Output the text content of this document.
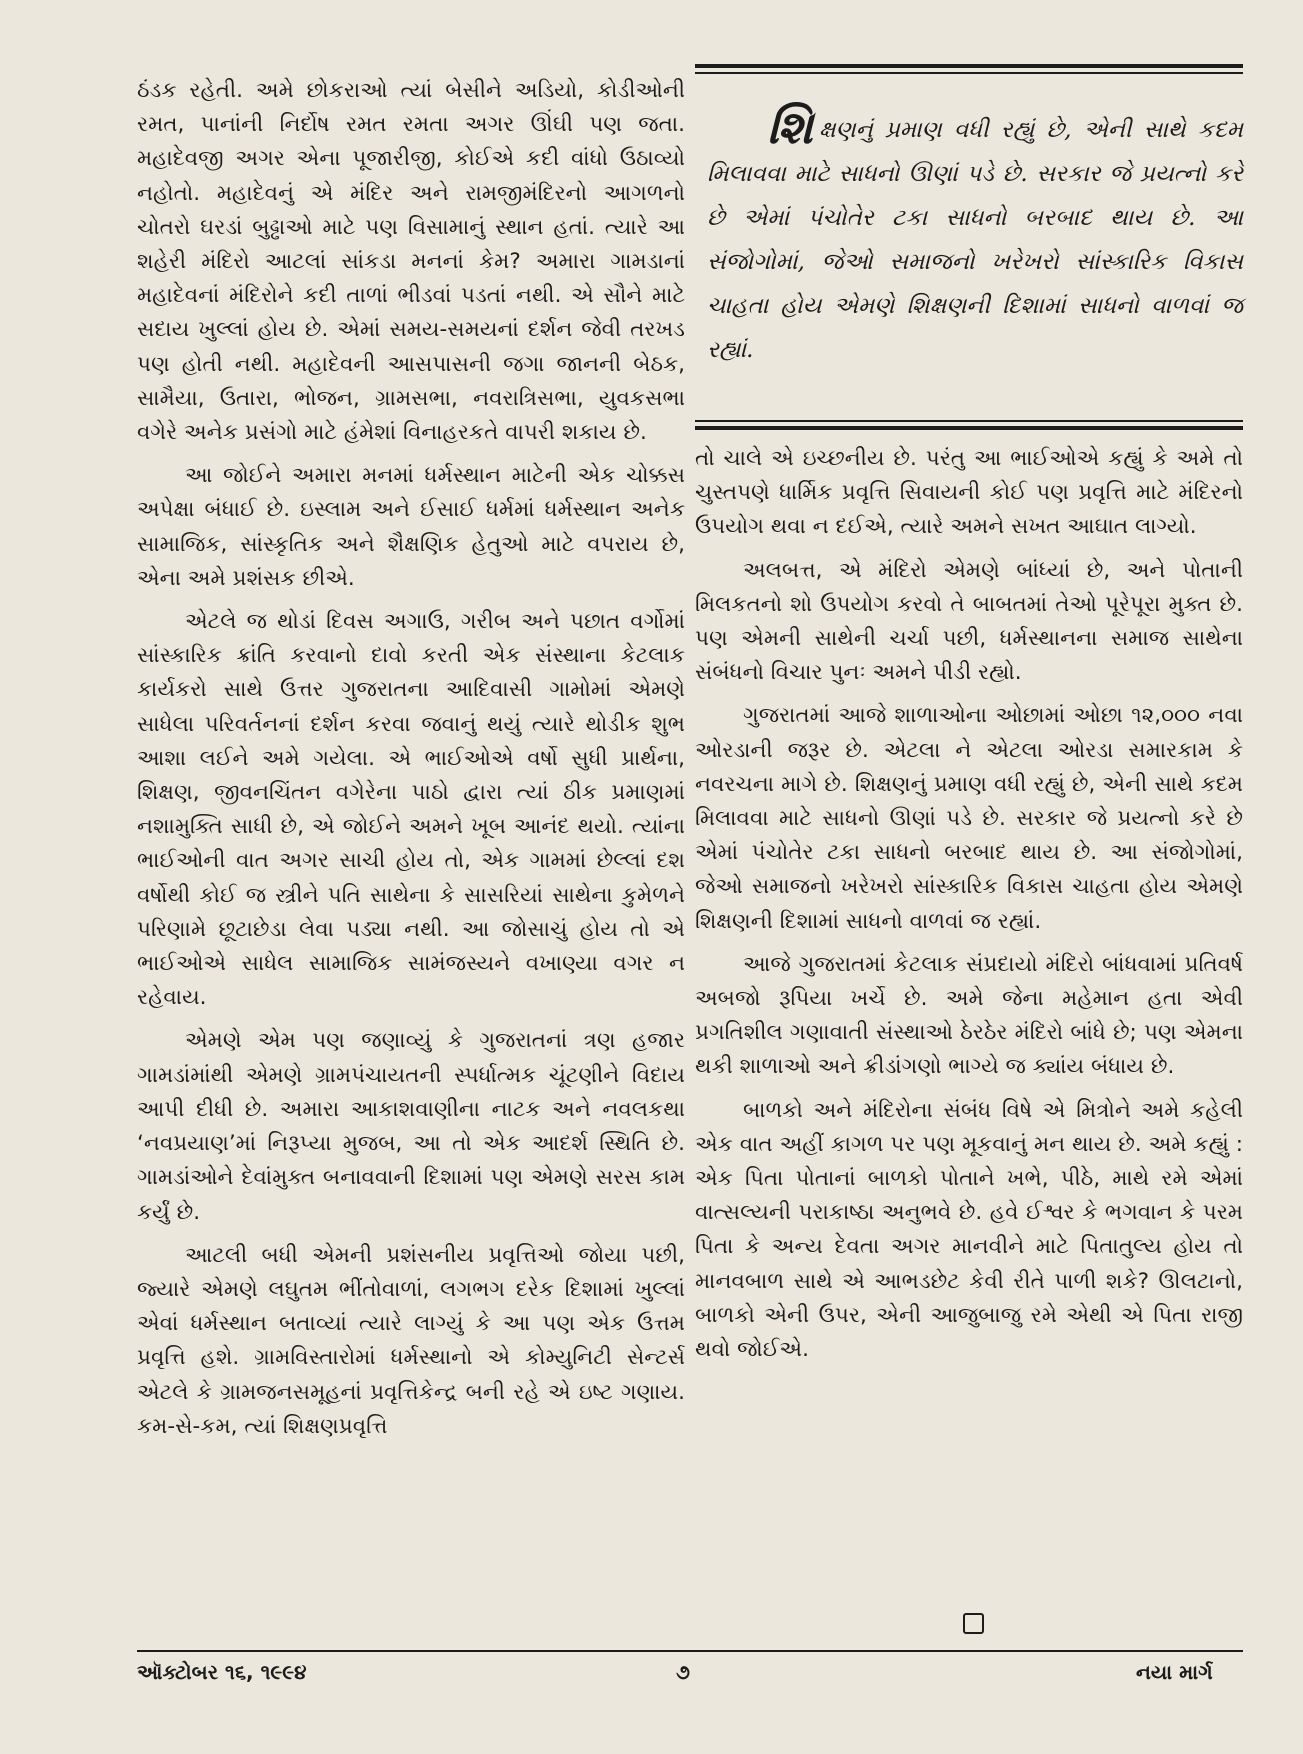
ઠંડક રહેતી. અમે છોકરાઓ ત્યાં બેસીને અડિયો, કોડીઓની રમત, પાનાંની નિર્દોષ રમત રમતા અગર ઊંઘી પણ જતા. મહાદેવજી અગર એના પૂજારીજી, કોઈએ કદી વાંધો ઉઠાવ્યો નહોતો. મહાદેવનું એ મંદિર અને રામજીમંદિરનો આગળનો ચોતરો ઘરડાં બુઢ્ઢાઓ માટે પણ વિસામાનું સ્થાન હતાં. ત્યારે આ શહેરી મંદિરો આટલાં સાંકડા મનનાં કેમ? અમારા ગામડાનાં મહાદેવનાં મંદિરોને કદી તાળાં ભીડવાં પડતાં નથી. એ સૌને માટે સદાય ખુલ્લાં હોય છે. એમાં સમય-સમયનાં દર્શન જેવી તરખડ પણ હોતી નથી. મહાદેવની આસપાસની જગા જાનની બેઠક, સામૈયા, ઉતારા, ભોજન, ગ્રામસભા, નવરાત્રિસભા, યુવકસભા વગેરે અનેક પ્રસંગો માટે હંમેશાં વિનાહરકતે વાપરી શકાય છે.

આ જોઈને અમારા મનમાં ધર્મસ્થાન માટેની એક ચોક્કસ અપેક્ષા બંધાઈ છે. ઇસ્લામ અને ઈસાઈ ધર્મમાં ધર્મસ્થાન અનેક સામાજિક, સાંસ્કૃતિક અને શૈક્ષણિક હેતુઓ માટે વપરાય છે, એના અમે પ્રશંસક છીએ.

એટલે જ થોડાં દિવસ અગાઉ, ગરીબ અને પછાત વર્ગોમાં સાંસ્કારિક ક્રાંતિ કરવાનો દાવો કરતી એક સંસ્થાના કેટલાક કાર્યકરો સાથે ઉત્તર ગુજરાતના આદિવાસી ગામોમાં એમણે સાધેલા પરિવર્તનનાં દર્શન કરવા જવાનું થયું ત્યારે થોડીક શુભ આશા લઈને અમે ગયેલા. એ ભાઈઓએ વર્ષો સુધી પ્રાર્થના, શિક્ષણ, જીવનચિંતન વગેરેના પાઠો દ્વારા ત્યાં ઠીક પ્રમાણમાં નશામુક્તિ સાધી છે, એ જોઈને અમને ખૂબ આનંદ થયો. ત્યાંના ભાઈઓની વાત અગર સાચી હોય તો, એક ગામમાં છેલ્લાં દશ વર્ષોથી કોઈ જ સ્ત્રીને પતિ સાથેના કે સાસરિયાં સાથેના કુમેળને પરિણામે છૂટાછેડા લેવા પડ્યા નથી. આ જોસાચું હોય તો એ ભાઈઓએ સાધેલ સામાજિક સામંજસ્યને વખાણ્યા વગર ન રહેવાય.

એમણે એમ પણ જણાવ્યું કે ગુજરાતનાં ત્રણ હજાર ગામડાંમાંથી એમણે ગ્રામપંચાયતની સ્પર્ધાત્મક ચૂંટણીને વિદાય આપી દીધી છે. અમારા આકાશવાણીના નાટક અને નવલકથા ‘નવપ્રયાણ’માં નિરૂપ્યા મુજબ, આ તો એક આદર્શ સ્થિતિ છે. ગામડાંઓને દેવાંમુક્ત બનાવવાની દિશામાં પણ એમણે સરસ કામ કર્યું છે.

આટલી બધી એમની પ્રશંસનીય પ્રવૃત્તિઓ જોયા પછી, જ્યારે એમણે લઘુતમ ભીંતોવાળાં, લગભગ દરેક દિશામાં ખુલ્લાં એવાં ધર્મસ્થાન બતાવ્યાં ત્યારે લાગ્યું કે આ પણ એક ઉત્તમ પ્રવૃત્તિ હશે. ગ્રામવિસ્તારોમાં ધર્મસ્થાનો એ કોમ્યુનિટી સેન્ટર્સ એટલે કે ગ્રામજનસમૂહનાં પ્રવૃત્તિકેન્દ્ર બની રહે એ ઇષ્ટ ગણાય. કમ-સે-કમ, ત્યાં શિક્ષણપ્રવૃત્તિ

શિક્ષણનું પ્રમાણ વધી રહ્યું છે, એની સાથે કદમ મિલાવવા માટે સાધનો ઊણાં પડે છે. સરકાર જે પ્રયત્નો કરે છે એમાં પંચોતેર ટકા સાધનો બરબાદ થાય છે. આ સંજોગોમાં, જેઓ સમાજનો ખરેખરો સાંસ્કારિક વિકાસ ચાહતા હોય એમણે શિક્ષણની દિશામાં સાધનો વાળવાં જ રહ્યાં.

તો ચાલે એ ઇચ્છનીય છે. પરંતુ આ ભાઈઓએ કહ્યું કે અમે તો ચુસ્તપણે ધાર્મિક પ્રવૃત્તિ સિવાયની કોઈ પણ પ્રવૃત્તિ માટે મંદિરનો ઉપયોગ થવા ન દઈએ, ત્યારે અમને સખત આઘાત લાગ્યો.

અલબત્ત, એ મંદિરો એમણે બાંધ્યાં છે, અને પોતાની મિલકતનો શો ઉપયોગ કરવો તે બાબતમાં તેઓ પૂરેપૂરા મુક્ત છે. પણ એમની સાથેની ચર્ચા પછી, ધર્મસ્થાનના સમાજ સાથેના સંબંધનો વિચાર પુનઃ અમને પીડી રહ્યો.

ગુજરાતમાં આજે શાળાઓના ઓછામાં ઓછા ૧૨,૦૦૦ નવા ઓરડાની જરૂર છે. એટલા ને એટલા ઓરડા સમારકામ કે નવરચના માગે છે. શિક્ષણનું પ્રમાણ વધી રહ્યું છે, એની સાથે કદમ મિલાવવા માટે સાધનો ઊણાં પડે છે. સરકાર જે પ્રયત્નો કરે છે એમાં પંચોતેર ટકા સાધનો બરબાદ થાય છે. આ સંજોગોમાં, જેઓ સમાજનો ખરેખરો સાંસ્કારિક વિકાસ ચાહતા હોય એમણે શિક્ષણની દિશામાં સાધનો વાળવાં જ રહ્યાં.

આજે ગુજરાતમાં કેટલાક સંપ્રદાયો મંદિરો બાંધવામાં પ્રતિવર્ષ અબજો રૂપિયા ખર્ચે છે. અમે જેના મહેમાન હતા એવી પ્રગતિશીલ ગણાવાતી સંસ્થાઓ ઠેરઠેર મંદિરો બાંધે છે; પણ એમના થકી શાળાઓ અને ક્રીડાંગણો ભાગ્યે જ ક્યાંય બંધાય છે.

બાળકો અને મંદિરોના સંબંધ વિષે એ મિત્રોને અમે કહેલી એક વાત અહીં કાગળ પર પણ મૂકવાનું મન થાય છે. અમે કહ્યું : એક પિતા પોતાનાં બાળકો પોતાને ખભે, પીઠે, માથે રમે એમાં વાત્સલ્યની પરાકાષ્ઠા અનુભવે છે. હવે ઈશ્વર કે ભગવાન કે પરમ પિતા કે અન્ય દેવતા અગર માનવીને માટે પિતાતુલ્ય હોય તો માનવબાળ સાથે એ આભડછેટ કેવી રીતે પાળી શકે? ઊલટાનો, બાળકો એની ઉપર, એની આજુબાજુ રમે એથી એ પિતા રાજી થવો જોઈએ.

ઑક્ટોબર ૧૬, ૧૯૯૪	૭	નયા માર્ગ
